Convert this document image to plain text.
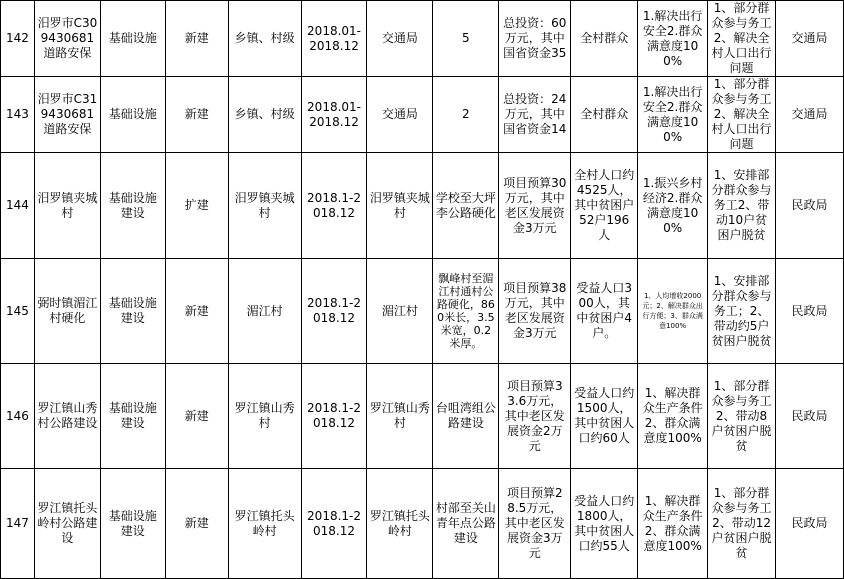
142	汨罗市C309430681道路安保	基础设施	新建	乡镇、村级	2018.01-2018.12	交通局	5	总投资：60万元，其中国省资金35	全村群众	1.解决出行安全2.群众满意度100%	1、部分群众参与务工2、解决全村人口出行问题	交通局
143	汨罗市C319430681道路安保	基础设施	新建	乡镇、村级	2018.01-2018.12	交通局	2	总投资：24万元，其中国省资金14	全村群众	1.解决出行安全2.群众满意度100%	1、部分群众参与务工2、解决全村人口出行问题	交通局
144	汨罗镇夹城村	基础设施建设	扩建	汨罗镇夹城村	2018.1-2018.12	汨罗镇夹城村	学校至大坪李公路硬化	项目预算30万元，其中老区发展资金3万元	全村人口约4525人，其中贫困户52户196人	1.振兴乡村经济2.群众满意度100%	1、安排部分群众参与务工2、带动10户贫困户脱贫	民政局
145	弼时镇湄江村硬化	基础设施建设	新建	湄江村	2018.1-2018.12	湄江村	飘峰村至湄江村通村公路硬化，860米长，3.5米宽，0.2米厚。	项目预算38万元，其中老区发展资金3万元	受益人口300人，其中贫困户4户。	1、人均增收2000元；2、解决群众出行方便；3、群众满意100%	1、安排部分群众参与务工；2、带动约5户贫困户脱贫	民政局
146	罗江镇山秀村公路建设	基础设施建设	新建	罗江镇山秀村	2018.1-2018.12	罗江镇山秀村	台咀湾组公路建设	项目预算33.6万元，其中老区发展资金2万元	受益人口约1500人，其中贫困人口约60人	1、解决群众生产条件2、群众满意度100%	1、部分群众参与务工2、带动8户贫困户脱贫	民政局
147	罗江镇托头岭村公路建设	基础设施建设	新建	罗江镇托头岭村	2018.1-2018.12	罗江镇托头岭村	村部至关山青年点公路建设	项目预算28.5万元，其中老区发展资金3万元	受益人口约1800人，其中贫困人口约55人	1、解决群众生产条件2、群众满意度100%	1、部分群众参与务工2、带动12户贫困户脱贫	民政局
